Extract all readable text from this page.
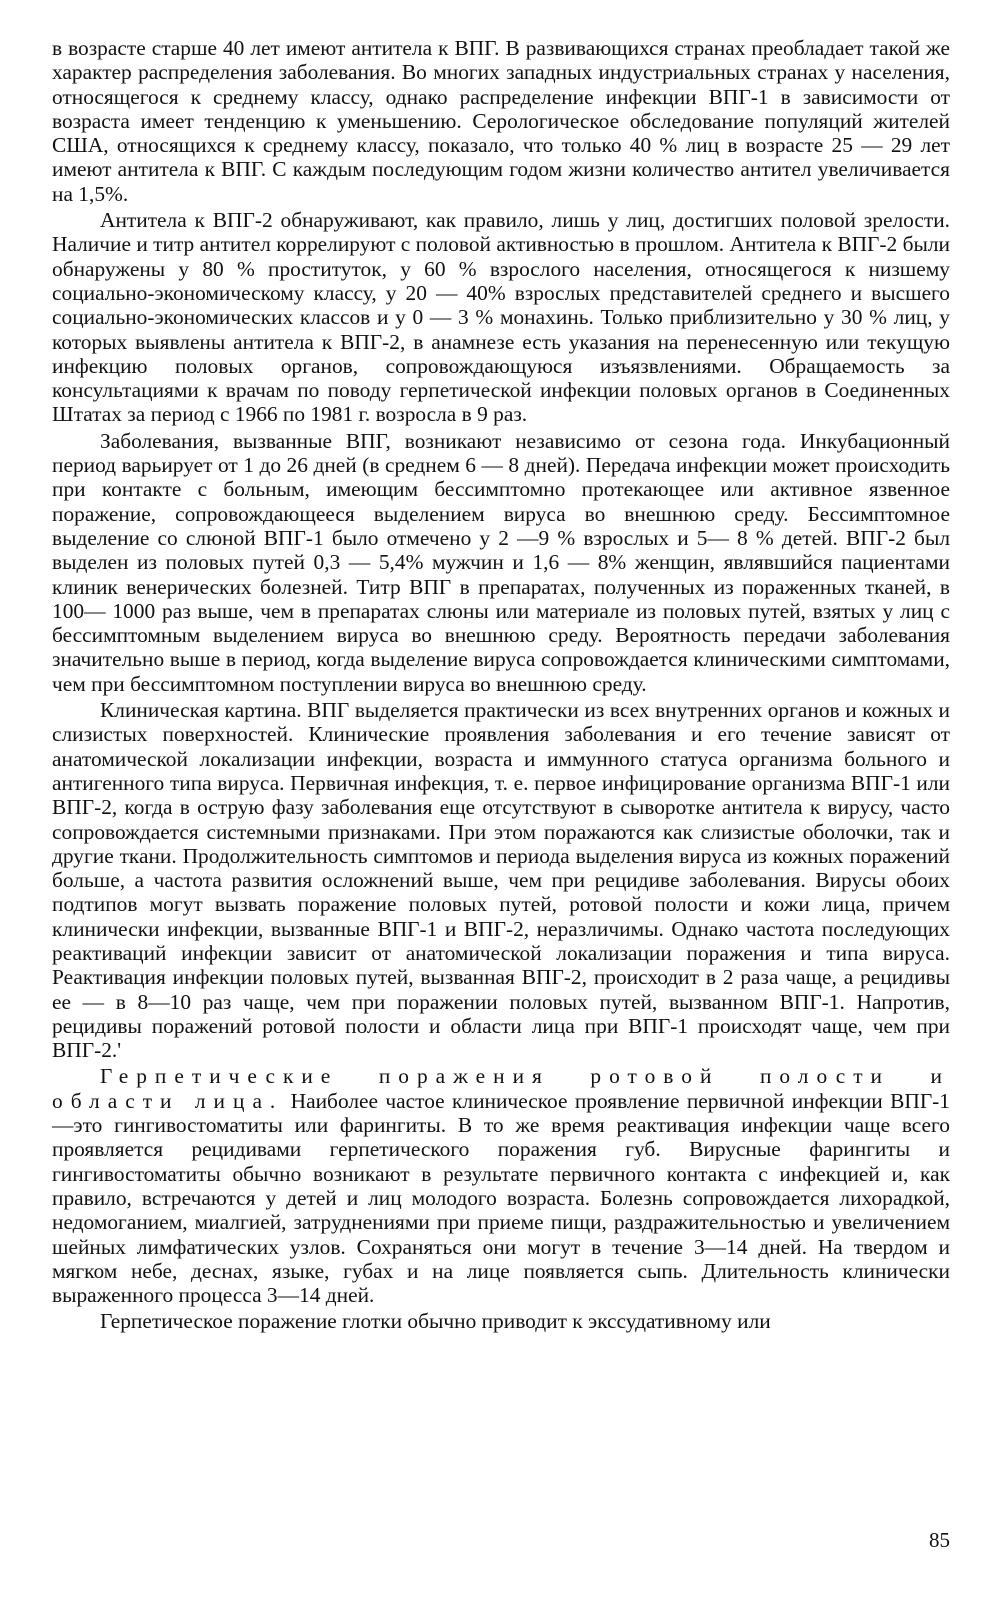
в возрасте старше 40 лет имеют антитела к ВПГ. В развивающихся странах преобладает такой же характер распределения заболевания. Во многих западных индустриальных странах у населения, относящегося к среднему классу, однако распределение инфекции ВПГ-1 в зависимости от возраста имеет тенденцию к уменьшению. Серологическое обследование популяций жителей США, относящихся к среднему классу, показало, что только 40 % лиц в возрасте 25 — 29 лет имеют антитела к ВПГ. С каждым последующим годом жизни количество антител увеличивается на 1,5%.

Антитела к ВПГ-2 обнаруживают, как правило, лишь у лиц, достигших половой зрелости. Наличие и титр антител коррелируют с половой активностью в прошлом. Антитела к ВПГ-2 были обнаружены у 80 % проституток, у 60 % взрослого населения, относящегося к низшему социально-экономическому классу, у 20 — 40% взрослых представителей среднего и высшего социально-экономических классов и у 0 — 3 % монахинь. Только приблизительно у 30 % лиц, у которых выявлены антитела к ВПГ-2, в анамнезе есть указания на перенесенную или текущую инфекцию половых органов, сопровождающуюся изъязвлениями. Обращаемость за консультациями к врачам по поводу герпетической инфекции половых органов в Соединенных Штатах за период с 1966 по 1981 г. возросла в 9 раз.

Заболевания, вызванные ВПГ, возникают независимо от сезона года. Инкубационный период варьирует от 1 до 26 дней (в среднем 6 — 8 дней). Передача инфекции может происходить при контакте с больным, имеющим бессимптомно протекающее или активное язвенное поражение, сопровождающееся выделением вируса во внешнюю среду. Бессимптомное выделение со слюной ВПГ-1 было отмечено у 2 —9 % взрослых и 5— 8 % детей. ВПГ-2 был выделен из половых путей 0,3 — 5,4% мужчин и 1,6 — 8% женщин, являвшийся пациентами клиник венерических болезней. Титр ВПГ в препаратах, полученных из пораженных тканей, в 100— 1000 раз выше, чем в препаратах слюны или материале из половых путей, взятых у лиц с бессимптомным выделением вируса во внешнюю среду. Вероятность передачи заболевания значительно выше в период, когда выделение вируса сопровождается клиническими симптомами, чем при бессимптомном поступлении вируса во внешнюю среду.

Клиническая картина. ВПГ выделяется практически из всех внутренних органов и кожных и слизистых поверхностей. Клинические проявления заболевания и его течение зависят от анатомической локализации инфекции, возраста и иммунного статуса организма больного и антигенного типа вируса. Первичная инфекция, т. е. первое инфицирование организма ВПГ-1 или ВПГ-2, когда в острую фазу заболевания еще отсутствуют в сыворотке антитела к вирусу, часто сопровождается системными признаками. При этом поражаются как слизистые оболочки, так и другие ткани. Продолжительность симптомов и периода выделения вируса из кожных поражений больше, а частота развития осложнений выше, чем при рецидиве заболевания. Вирусы обоих подтипов могут вызвать поражение половых путей, ротовой полости и кожи лица, причем клинически инфекции, вызванные ВПГ-1 и ВПГ-2, неразличимы. Однако частота последующих реактиваций инфекции зависит от анатомической локализации поражения и типа вируса. Реактивация инфекции половых путей, вызванная ВПГ-2, происходит в 2 раза чаще, а рецидивы ее — в 8—10 раз чаще, чем при поражении половых путей, вызванном ВПГ-1. Напротив, рецидивы поражений ротовой полости и области лица при ВПГ-1 происходят чаще, чем при ВПГ-2.'

Герпетические поражения ротовой полости и области лица. Наиболее частое клиническое проявление первичной инфекции ВПГ-1 —это гингивостоматиты или фарингиты. В то же время реактивация инфекции чаще всего проявляется рецидивами герпетического поражения губ. Вирусные фарингиты и гингивостоматиты обычно возникают в результате первичного контакта с инфекцией и, как правило, встречаются у детей и лиц молодого возраста. Болезнь сопровождается лихорадкой, недомоганием, миалгией, затруднениями при приеме пищи, раздражительностью и увеличением шейных лимфатических узлов. Сохраняться они могут в течение 3—14 дней. На твердом и мягком небе, деснах, языке, губах и на лице появляется сыпь. Длительность клинически выраженного процесса 3—14 дней.

Герпетическое поражение глотки обычно приводит к экссудативному или

85
